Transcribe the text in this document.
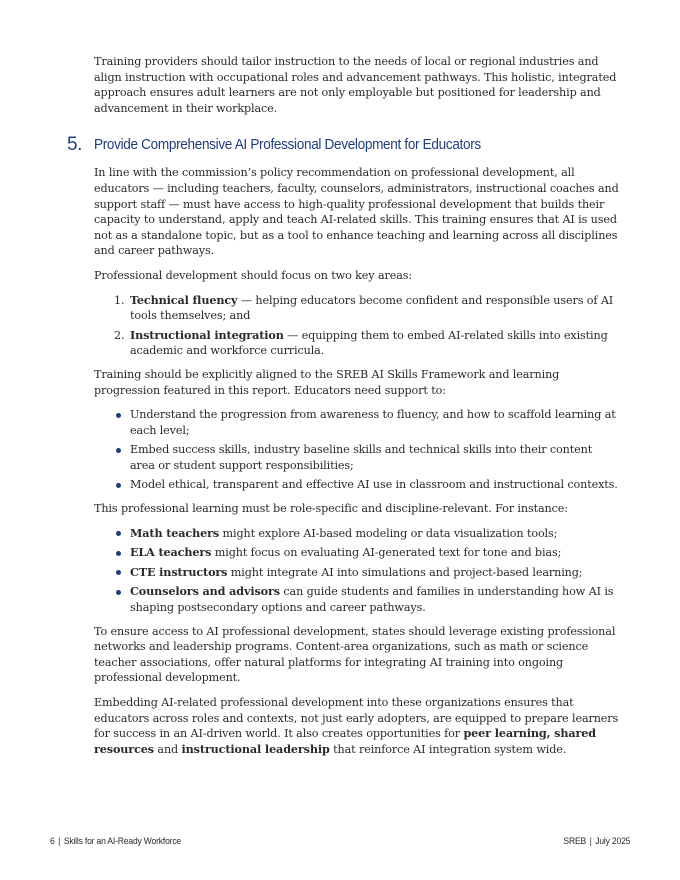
Training providers should tailor instruction to the needs of local or regional industries and align instruction with occupational roles and advancement pathways. This holistic, integrated approach ensures adult learners are not only employable but positioned for leadership and advancement in their workplace.

5. Provide Comprehensive AI Professional Development for Educators

In line with the commission’s policy recommendation on professional development, all educators — including teachers, faculty, counselors, administrators, instructional coaches and support staff — must have access to high-quality professional development that builds their capacity to understand, apply and teach AI-related skills. This training ensures that AI is used not as a standalone topic, but as a tool to enhance teaching and learning across all disciplines and career pathways.

Professional development should focus on two key areas:

1. Technical fluency — helping educators become confident and responsible users of AI tools themselves; and
2. Instructional integration — equipping them to embed AI-related skills into existing academic and workforce curricula.

Training should be explicitly aligned to the SREB AI Skills Framework and learning progression featured in this report. Educators need support to:

Understand the progression from awareness to fluency, and how to scaffold learning at each level;
Embed success skills, industry baseline skills and technical skills into their content area or student support responsibilities;
Model ethical, transparent and effective AI use in classroom and instructional contexts.

This professional learning must be role-specific and discipline-relevant. For instance:

Math teachers might explore AI-based modeling or data visualization tools;
ELA teachers might focus on evaluating AI-generated text for tone and bias;
CTE instructors might integrate AI into simulations and project-based learning;
Counselors and advisors can guide students and families in understanding how AI is shaping postsecondary options and career pathways.

To ensure access to AI professional development, states should leverage existing professional networks and leadership programs. Content-area organizations, such as math or science teacher associations, offer natural platforms for integrating AI training into ongoing professional development.

Embedding AI-related professional development into these organizations ensures that educators across roles and contexts, not just early adopters, are equipped to prepare learners for success in an AI-driven world. It also creates opportunities for peer learning, shared resources and instructional leadership that reinforce AI integration system wide.

6 | Skills for an AI-Ready Workforce	SREB | July 2025
